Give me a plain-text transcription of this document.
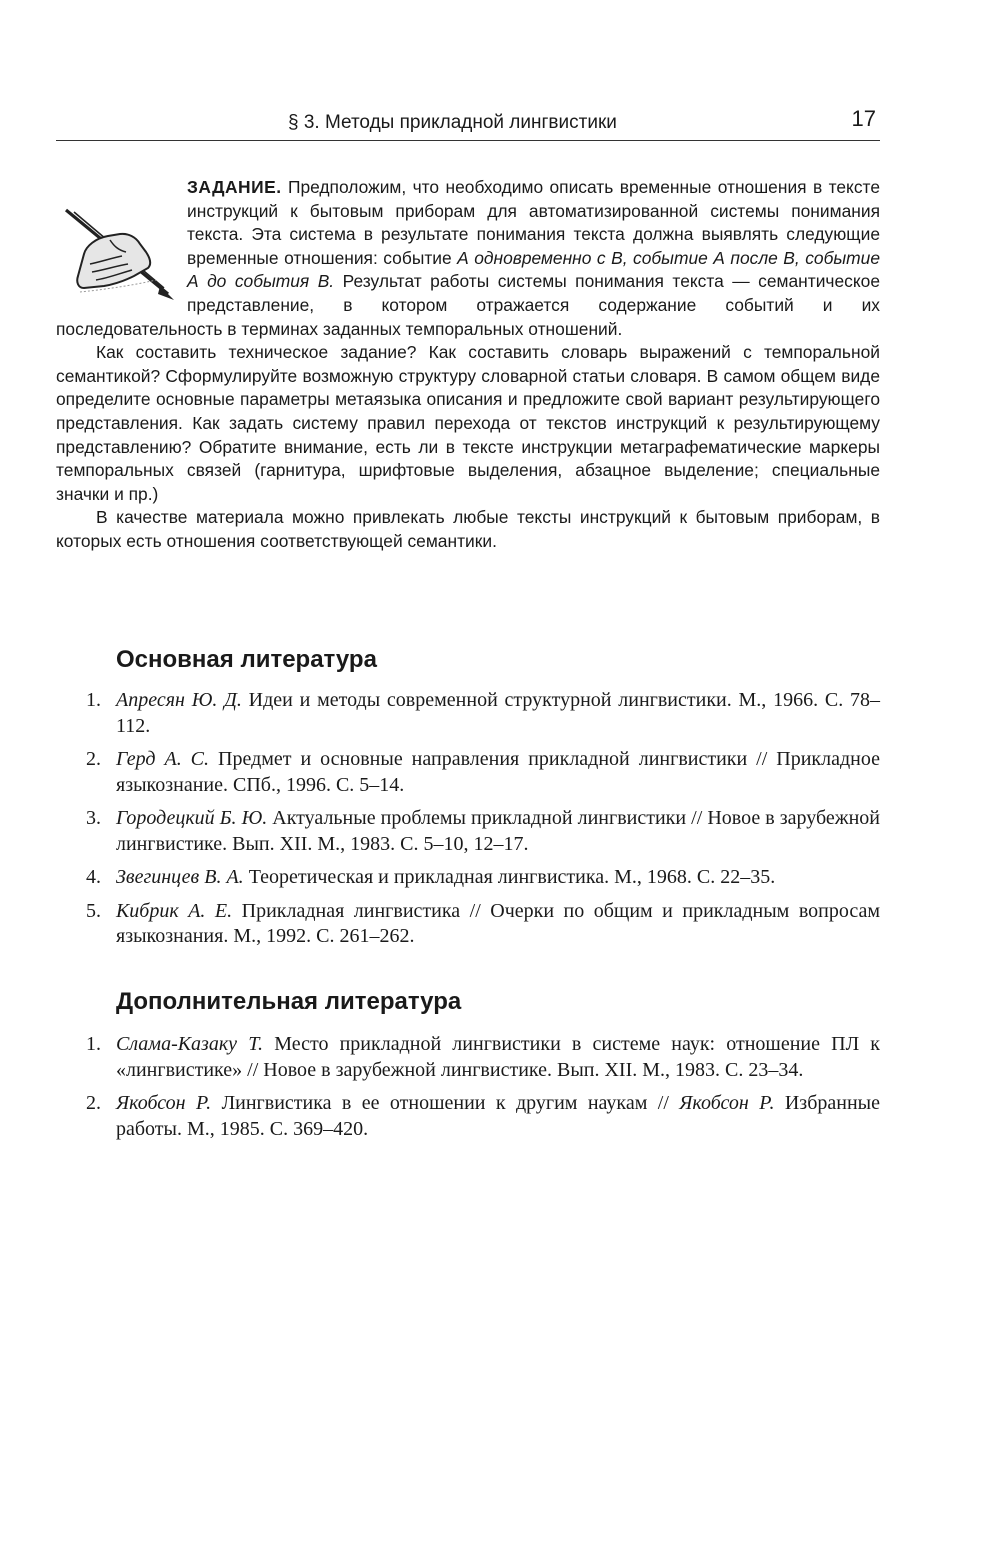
§ 3. Методы прикладной лингвистики	17

ЗАДАНИЕ. Предположим, что необходимо описать временные отношения в тексте инструкций к бытовым приборам для автоматизированной системы понимания текста. Эта система в результате понимания текста должна выявлять следующие временные отношения: событие А одновременно с В, событие А после В, событие А до события В. Результат работы системы понимания текста — семантическое представление, в котором отражается содержание событий и их последовательность в терминах заданных темпоральных отношений.

Как составить техническое задание? Как составить словарь выражений с темпоральной семантикой? Сформулируйте возможную структуру словарной статьи словаря. В самом общем виде определите основные параметры метаязыка описания и предложите свой вариант результирующего представления. Как задать систему правил перехода от текстов инструкций к результирующему представлению? Обратите внимание, есть ли в тексте инструкции метаграфематические маркеры темпоральных связей (гарнитура, шрифтовые выделения, абзацное выделение; специальные значки и пр.)

В качестве материала можно привлекать любые тексты инструкций к бытовым приборам, в которых есть отношения соответствующей семантики.

Основная литература
1. Апресян Ю. Д. Идеи и методы современной структурной лингвистики. М., 1966. С. 78–112.
2. Герд А. С. Предмет и основные направления прикладной лингвистики // Прикладное языкознание. СПб., 1996. С. 5–14.
3. Городецкий Б. Ю. Актуальные проблемы прикладной лингвистики // Новое в зарубежной лингвистике. Вып. XII. М., 1983. С. 5–10, 12–17.
4. Звегинцев В. А. Теоретическая и прикладная лингвистика. М., 1968. С. 22–35.
5. Кибрик А. Е. Прикладная лингвистика // Очерки по общим и прикладным вопросам языкознания. М., 1992. С. 261–262.
Дополнительная литература
1. Слама-Казаку Т. Место прикладной лингвистики в системе наук: отношение ПЛ к «лингвистике» // Новое в зарубежной лингвистике. Вып. XII. М., 1983. С. 23–34.
2. Якобсон Р. Лингвистика в ее отношении к другим наукам // Якобсон Р. Избранные работы. М., 1985. С. 369–420.
